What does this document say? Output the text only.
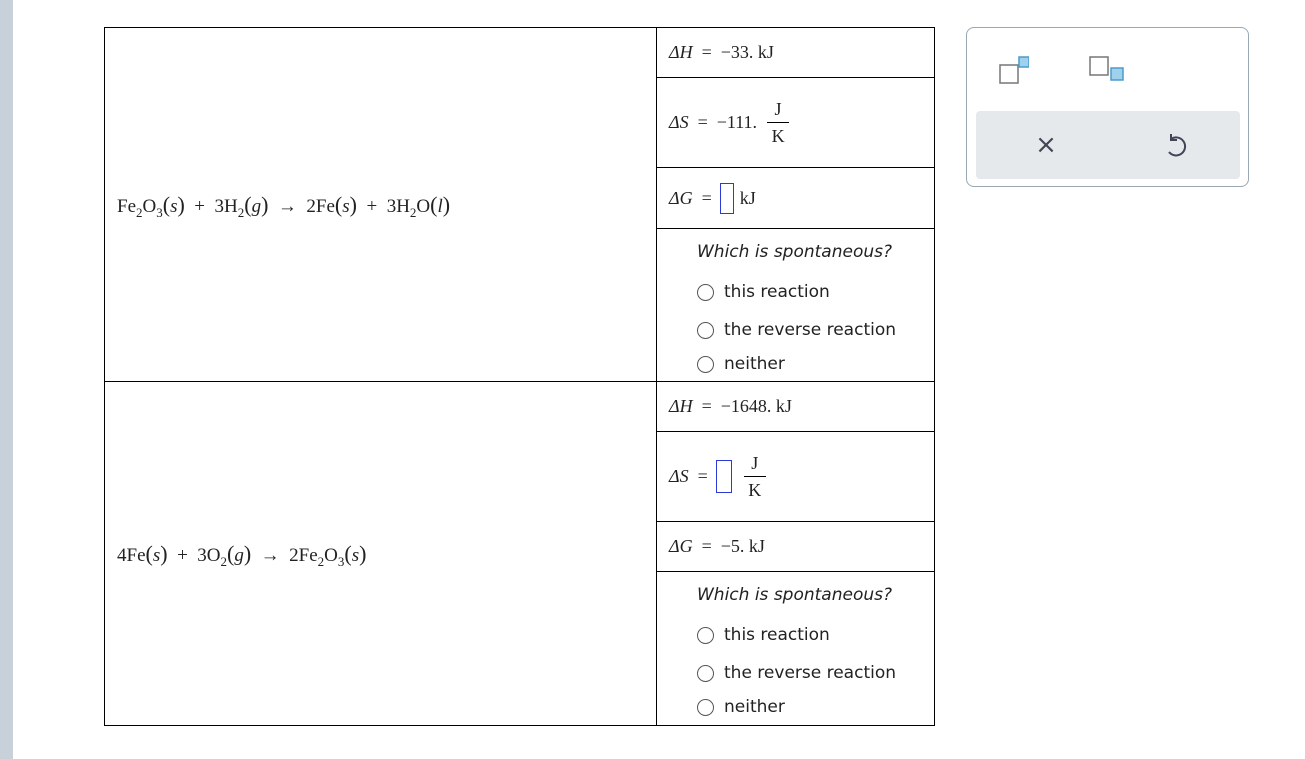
$Fe_2O_3(s) + 3H_2(g) \to 2Fe(s) + 3H_2O(l)$	ΔH
=
−33.
kJ

	ΔS
=
−111. $\frac{J}{K}$

	ΔG
= kJ

	Which is spontaneous?
this reaction
the reverse reaction
neither

$4Fe(s) + 3O_2(g) \to 2Fe_2O_3(s)$	ΔH
=
−1648.
kJ

	ΔS
= $\frac{J}{K}$

	ΔG
=
−5.
kJ

	Which is spontaneous?
this reaction
the reverse reaction
neither
×
